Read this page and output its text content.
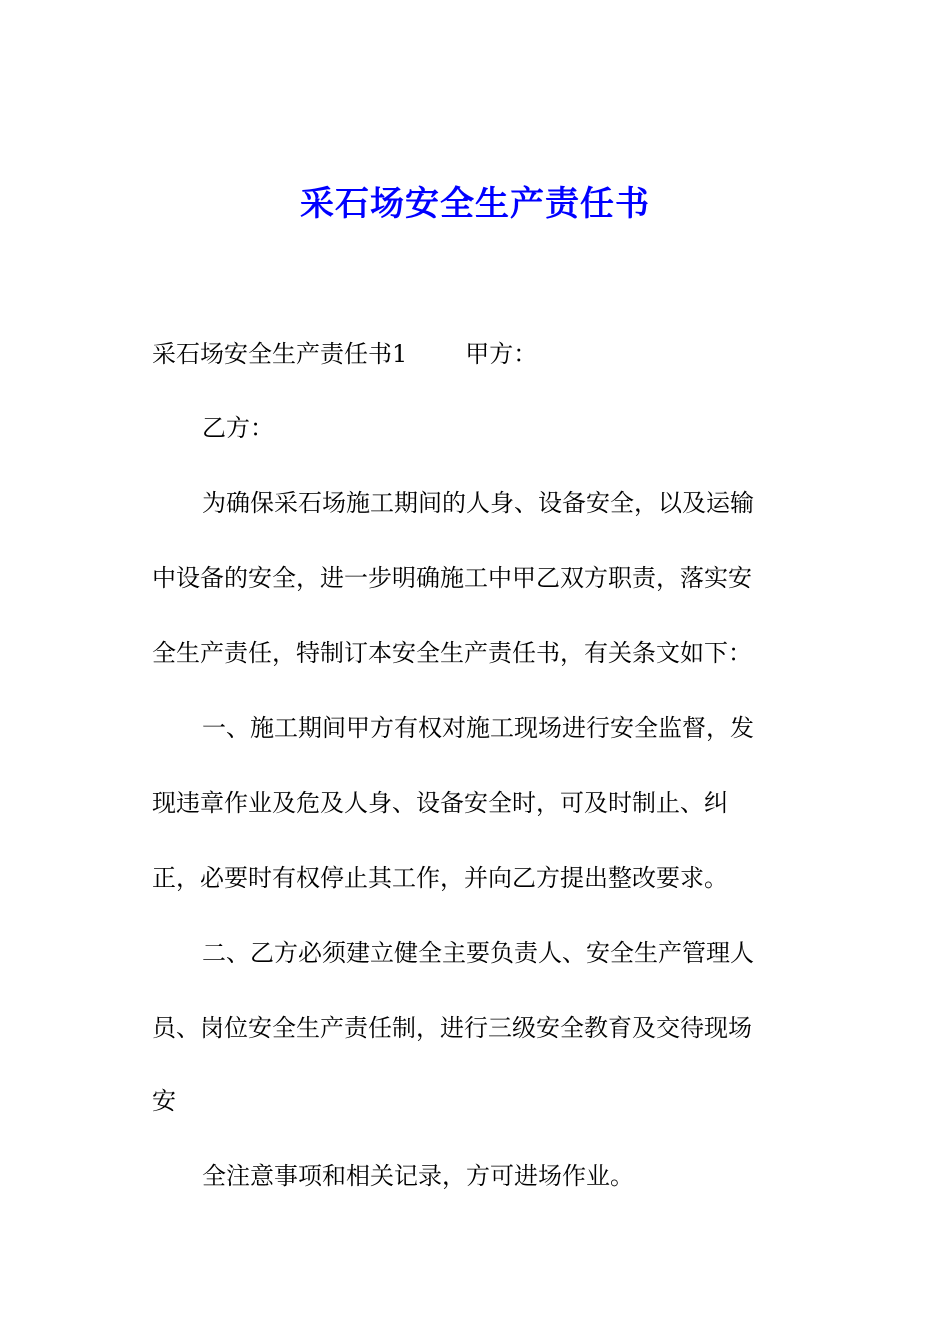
采石场安全生产责任书
采石场安全生产责任书1 甲方：
乙方：
为确保采石场施工期间的人身、设备安全，以及运输
中设备的安全，进一步明确施工中甲乙双方职责，落实安
全生产责任，特制订本安全生产责任书，有关条文如下：
一、施工期间甲方有权对施工现场进行安全监督，发
现违章作业及危及人身、设备安全时，可及时制止、纠
正，必要时有权停止其工作，并向乙方提出整改要求。
二、乙方必须建立健全主要负责人、安全生产管理人
员、岗位安全生产责任制，进行三级安全教育及交待现场
安
全注意事项和相关记录，方可进场作业。
